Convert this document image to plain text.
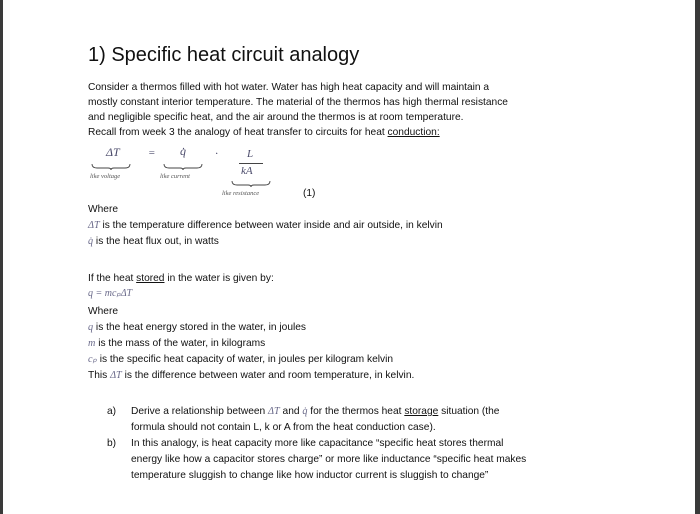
1) Specific heat circuit analogy
Consider a thermos filled with hot water. Water has high heat capacity and will maintain a
mostly constant interior temperature. The material of the thermos has high thermal resistance
and negligible specific heat, and the air around the thermos is at room temperature.
Recall from week 3 the analogy of heat transfer to circuits for heat conduction:
ΔT
like voltage
= q̇
like current
·	L
kA
like resistance	(1)
Where
ΔT is the temperature difference between water inside and air outside, in kelvin
q̇ is the heat flux out, in watts
If the heat stored in the water is given by:
q = mcₚΔT
Where
q is the heat energy stored in the water, in joules
m is the mass of the water, in kilograms
cₚ is the specific heat capacity of water, in joules per kilogram kelvin
This ΔT is the difference between water and room temperature, in kelvin.
a) Derive a relationship between ΔT and q̇ for the thermos heat storage situation (the
formula should not contain L, k or A from the heat conduction case).
b) In this analogy, is heat capacity more like capacitance “specific heat stores thermal
energy like how a capacitor stores charge” or more like inductance “specific heat makes
temperature sluggish to change like how inductor current is sluggish to change”
